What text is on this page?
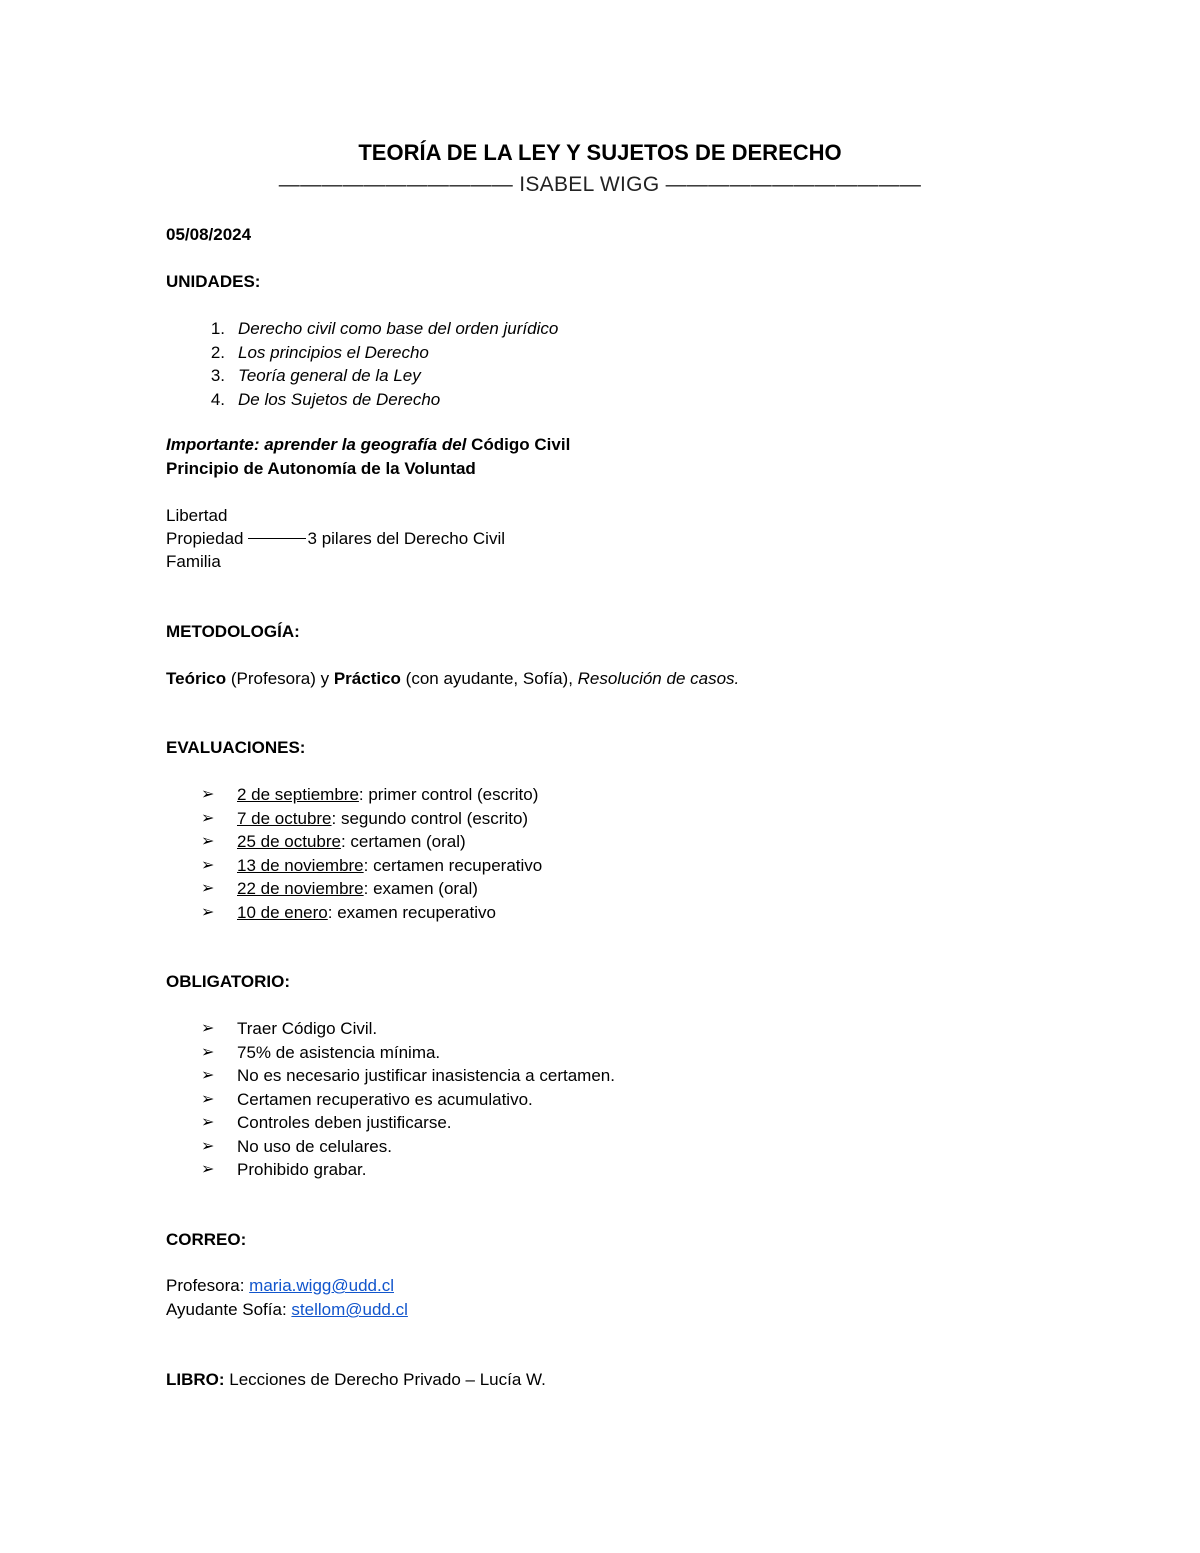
TEORÍA DE LA LEY Y SUJETOS DE DERECHO
——————————— ISABEL WIGG ————————————
05/08/2024
UNIDADES:
1. Derecho civil como base del orden jurídico
2. Los principios el Derecho
3. Teoría general de la Ley
4. De los Sujetos de Derecho
Importante: aprender la geografía del Código Civil
Principio de Autonomía de la Voluntad
Libertad
Propiedad	3 pilares del Derecho Civil
Familia
METODOLOGÍA:
Teórico (Profesora) y Práctico (con ayudante, Sofía), Resolución de casos.
EVALUACIONES:
➢ 2 de septiembre: primer control (escrito)
➢ 7 de octubre: segundo control (escrito)
➢ 25 de octubre: certamen (oral)
➢ 13 de noviembre: certamen recuperativo
➢ 22 de noviembre: examen (oral)
➢ 10 de enero: examen recuperativo
OBLIGATORIO:
➢ Traer Código Civil.
➢ 75% de asistencia mínima.
➢ No es necesario justificar inasistencia a certamen.
➢ Certamen recuperativo es acumulativo.
➢ Controles deben justificarse.
➢ No uso de celulares.
➢ Prohibido grabar.
CORREO:
Profesora: maria.wigg@udd.cl
Ayudante Sofía: stellom@udd.cl
LIBRO: Lecciones de Derecho Privado – Lucía W.
